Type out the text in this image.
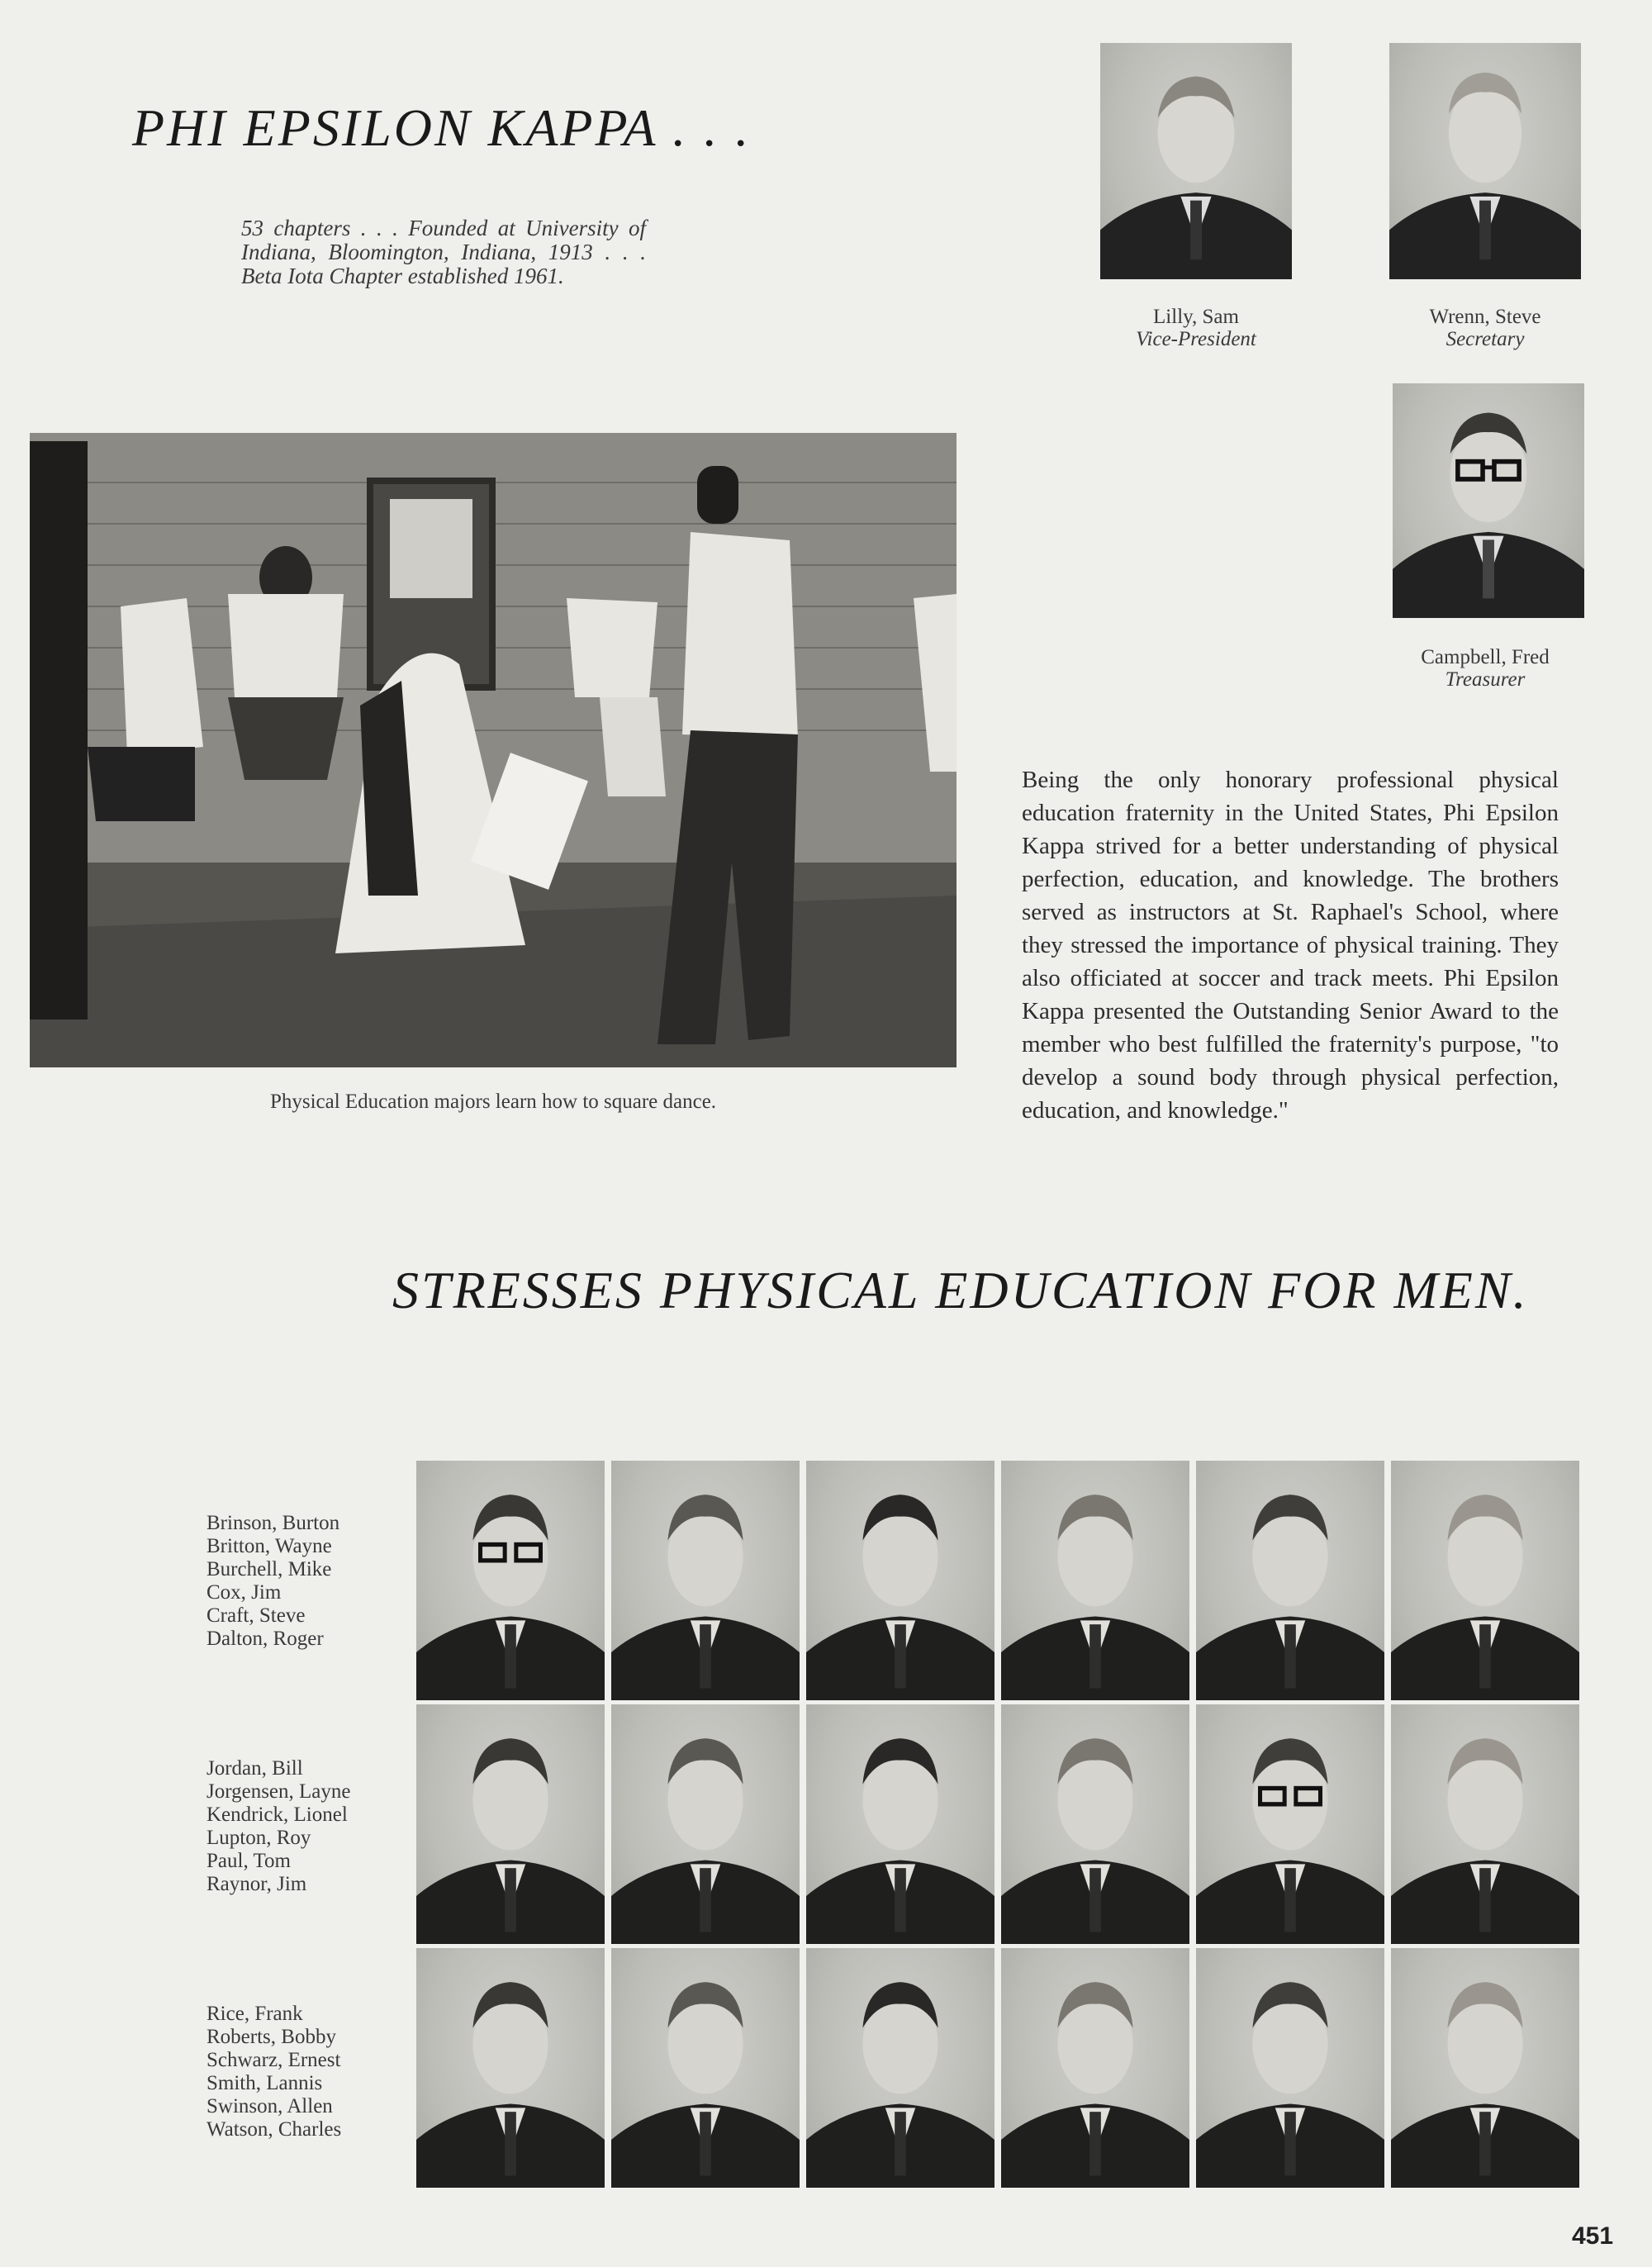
PHI EPSILON KAPPA . . .
53 chapters . . . Founded at University of Indiana, Bloomington, Indiana, 1913 . . . Beta Iota Chapter established 1961.
Lilly, Sam
Vice-President
Wrenn, Steve
Secretary
Campbell, Fred
Treasurer
Physical Education majors learn how to square dance.
Being the only honorary professional physical education fraternity in the United States, Phi Epsilon Kappa strived for a better understanding of physical perfection, education, and knowledge. The brothers served as instructors at St. Raphael's School, where they stressed the importance of physical training. They also officiated at soccer and track meets. Phi Epsilon Kappa presented the Outstanding Senior Award to the member who best fulfilled the fraternity's purpose, "to develop a sound body through physical perfection, education, and knowledge."
STRESSES PHYSICAL EDUCATION FOR MEN.
Brinson, Burton
Britton, Wayne
Burchell, Mike
Cox, Jim
Craft, Steve
Dalton, Roger
Jordan, Bill
Jorgensen, Layne
Kendrick, Lionel
Lupton, Roy
Paul, Tom
Raynor, Jim
Rice, Frank
Roberts, Bobby
Schwarz, Ernest
Smith, Lannis
Swinson, Allen
Watson, Charles
451
